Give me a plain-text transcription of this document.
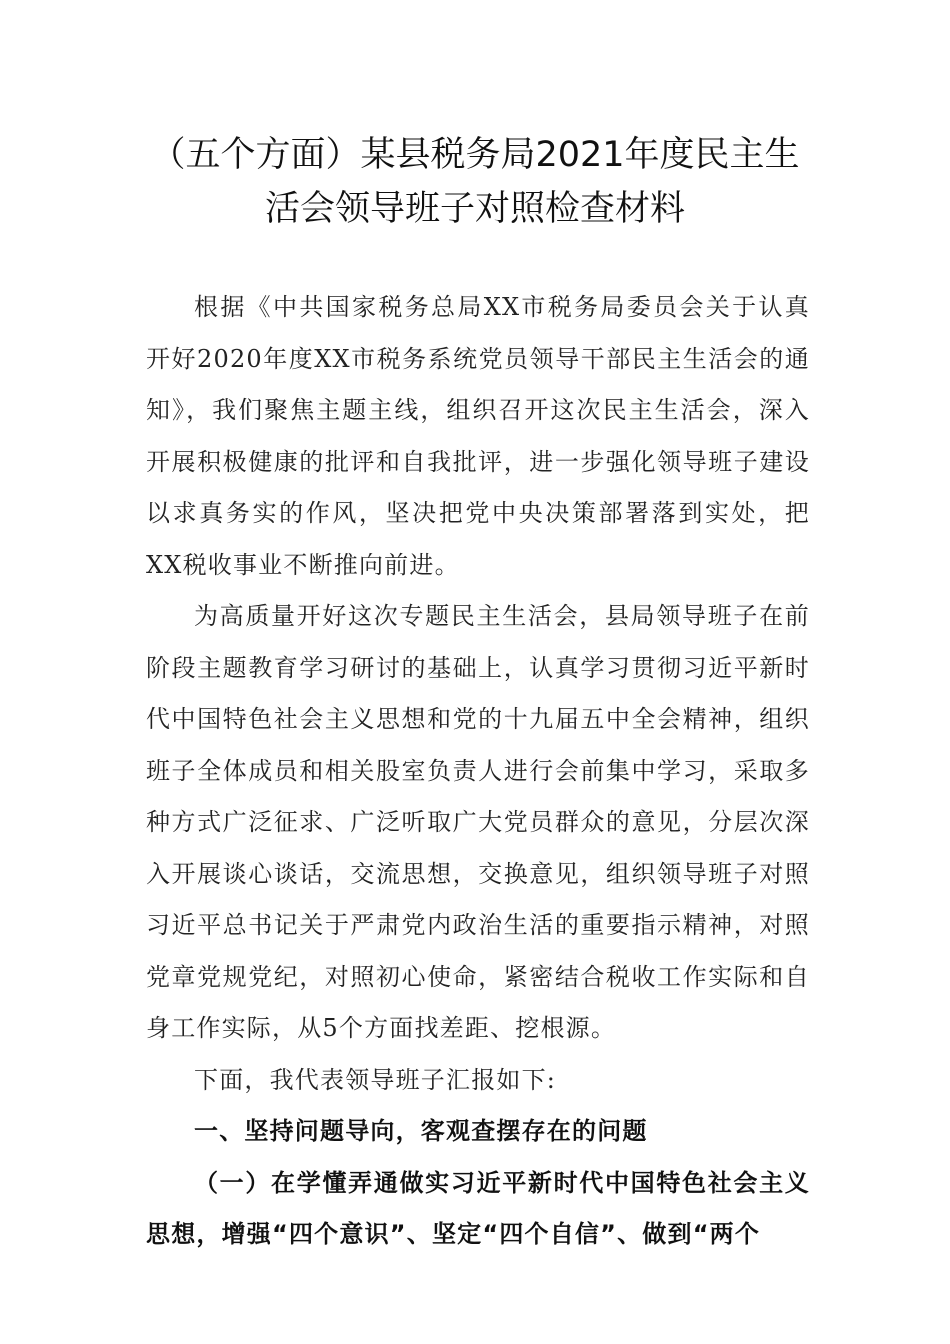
（五个方面）某县税务局2021年度民主生
活会领导班子对照检查材料

根据《中共国家税务总局XX市税务局委员会关于认真开好2020年度XX市税务系统党员领导干部民主生活会的通知》，我们聚焦主题主线，组织召开这次民主生活会，深入开展积极健康的批评和自我批评，进一步强化领导班子建设以求真务实的作风，坚决把党中央决策部署落到实处，把XX税收事业不断推向前进。

为高质量开好这次专题民主生活会，县局领导班子在前阶段主题教育学习研讨的基础上，认真学习贯彻习近平新时代中国特色社会主义思想和党的十九届五中全会精神，组织班子全体成员和相关股室负责人进行会前集中学习，采取多种方式广泛征求、广泛听取广大党员群众的意见，分层次深入开展谈心谈话，交流思想，交换意见，组织领导班子对照习近平总书记关于严肃党内政治生活的重要指示精神，对照党章党规党纪，对照初心使命，紧密结合税收工作实际和自身工作实际，从5个方面找差距、挖根源。

下面，我代表领导班子汇报如下:

一、坚持问题导向，客观查摆存在的问题

（一）在学懂弄通做实习近平新时代中国特色社会主义思想，增强“四个意识”、坚定“四个自信”、做到“两个
